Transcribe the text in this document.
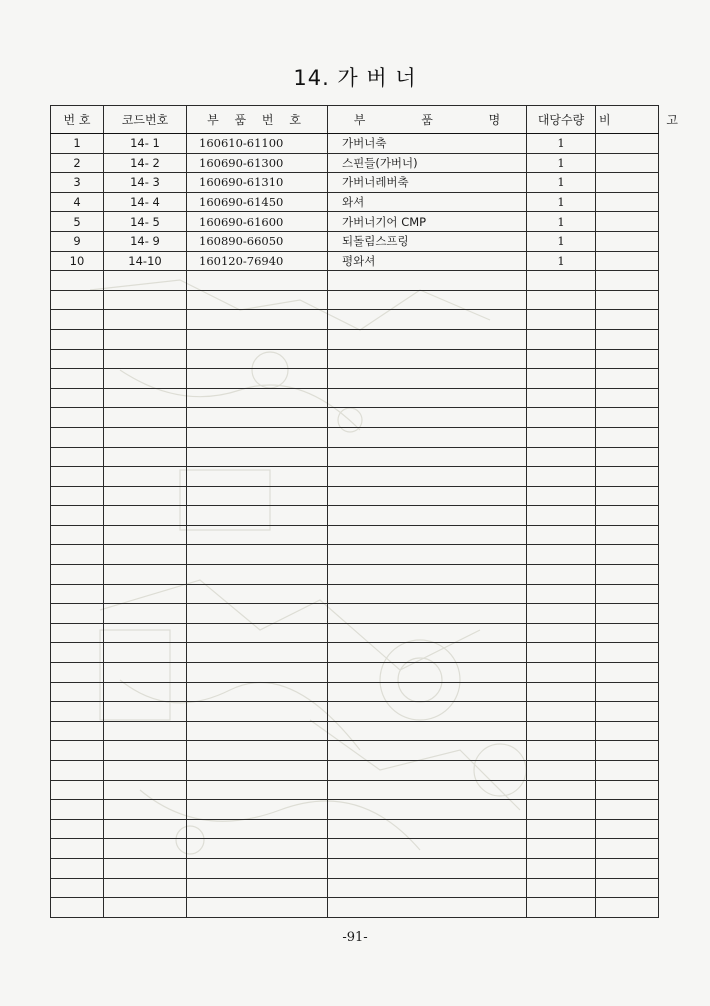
14. 가 버 너
번 호	코드번호	부 품 번 호	부 품 명	대당수량	비 고
1	14- 1	160610-61100	가버너축	1	
2	14- 2	160690-61300	스핀들(가버너)	1	
3	14- 3	160690-61310	가버너레버축	1	
4	14- 4	160690-61450	와셔	1	
5	14- 5	160690-61600	가버너기어 CMP	1	
9	14- 9	160890-66050	되돌림스프링	1	
10	14-10	160120-76940	평와셔	1	

-91-
